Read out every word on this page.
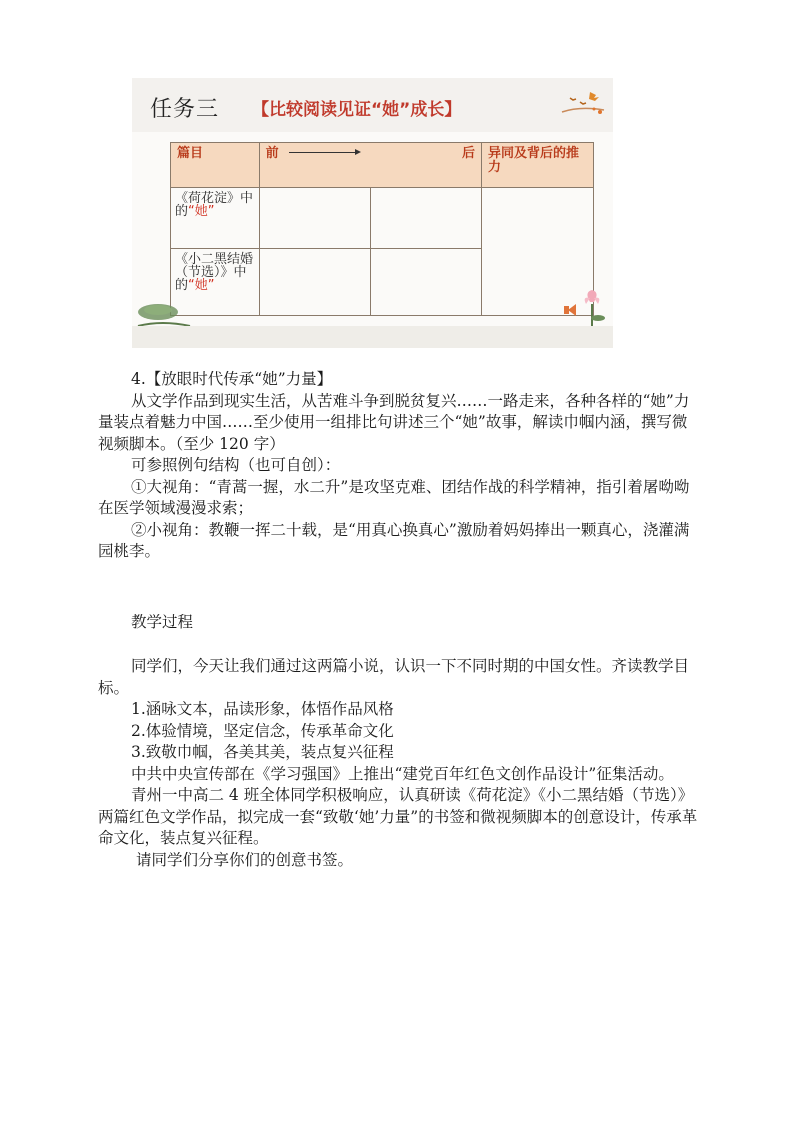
任务三 【比较阅读见证“她”成长】
篇目	前 后		异同及背后的推力
《荷花淀》中的“她”			
《小二黑结婚（节选）》中的“她”			

4.【放眼时代传承“她”力量】

从文学作品到现实生活，从苦难斗争到脱贫复兴……一路走来，各种各样的“她”力量装点着魅力中国……至少使用一组排比句讲述三个“她”故事，解读巾帼内涵，撰写微视频脚本。（至少 120 字）

可参照例句结构（也可自创）：

①大视角：“青蒿一握，水二升”是攻坚克难、团结作战的科学精神，指引着屠呦呦在医学领域漫漫求索；

②小视角：教鞭一挥二十载，是“用真心换真心”激励着妈妈捧出一颗真心，浇灌满园桃李。

教学过程

同学们，今天让我们通过这两篇小说，认识一下不同时期的中国女性。齐读教学目标。

1.涵咏文本，品读形象，体悟作品风格

2.体验情境，坚定信念，传承革命文化

3.致敬巾帼，各美其美，装点复兴征程

中共中央宣传部在《学习强国》上推出“建党百年红色文创作品设计”征集活动。

青州一中高二 4 班全体同学积极响应，认真研读《荷花淀》《小二黑结婚（节选）》两篇红色文学作品，拟完成一套“致敬‘她’力量”的书签和微视频脚本的创意设计，传承革命文化，装点复兴征程。

请同学们分享你们的创意书签。
